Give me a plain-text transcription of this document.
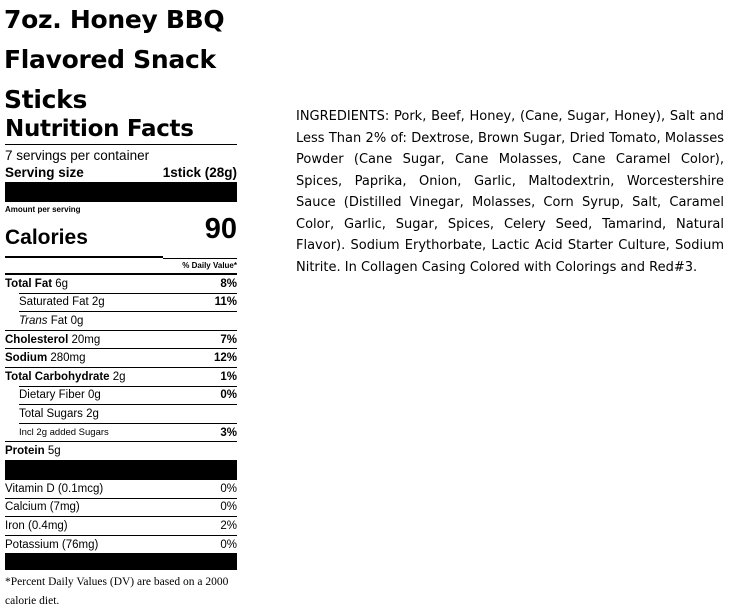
7oz. Honey BBQ Flavored Snack Sticks
Nutrition Facts
7 servings per container
Serving size	1stick (28g)
Amount per serving
Calories	90
% Daily Value*
Total Fat 6g	8%
Saturated Fat 2g	11%
Trans Fat 0g
Cholesterol 20mg	7%
Sodium 280mg	12%
Total Carbohydrate 2g	1%
Dietary Fiber 0g	0%
Total Sugars 2g
Incl 2g added Sugars	3%
Protein 5g
Vitamin D (0.1mcg)	0%
Calcium (7mg)	0%
Iron (0.4mg)	2%
Potassium (76mg)	0%
*Percent Daily Values (DV) are based on a 2000 calorie diet.
INGREDIENTS: Pork, Beef, Honey, (Cane, Sugar, Honey), Salt and Less Than 2% of: Dextrose, Brown Sugar, Dried Tomato, Molasses Powder (Cane Sugar, Cane Molasses, Cane Caramel Color), Spices, Paprika, Onion, Garlic, Maltodextrin, Worcestershire Sauce (Distilled Vinegar, Molasses, Corn Syrup, Salt, Caramel Color, Garlic, Sugar, Spices, Celery Seed, Tamarind, Natural Flavor). Sodium Erythorbate, Lactic Acid Starter Culture, Sodium Nitrite. In Collagen Casing Colored with Colorings and Red#3.
